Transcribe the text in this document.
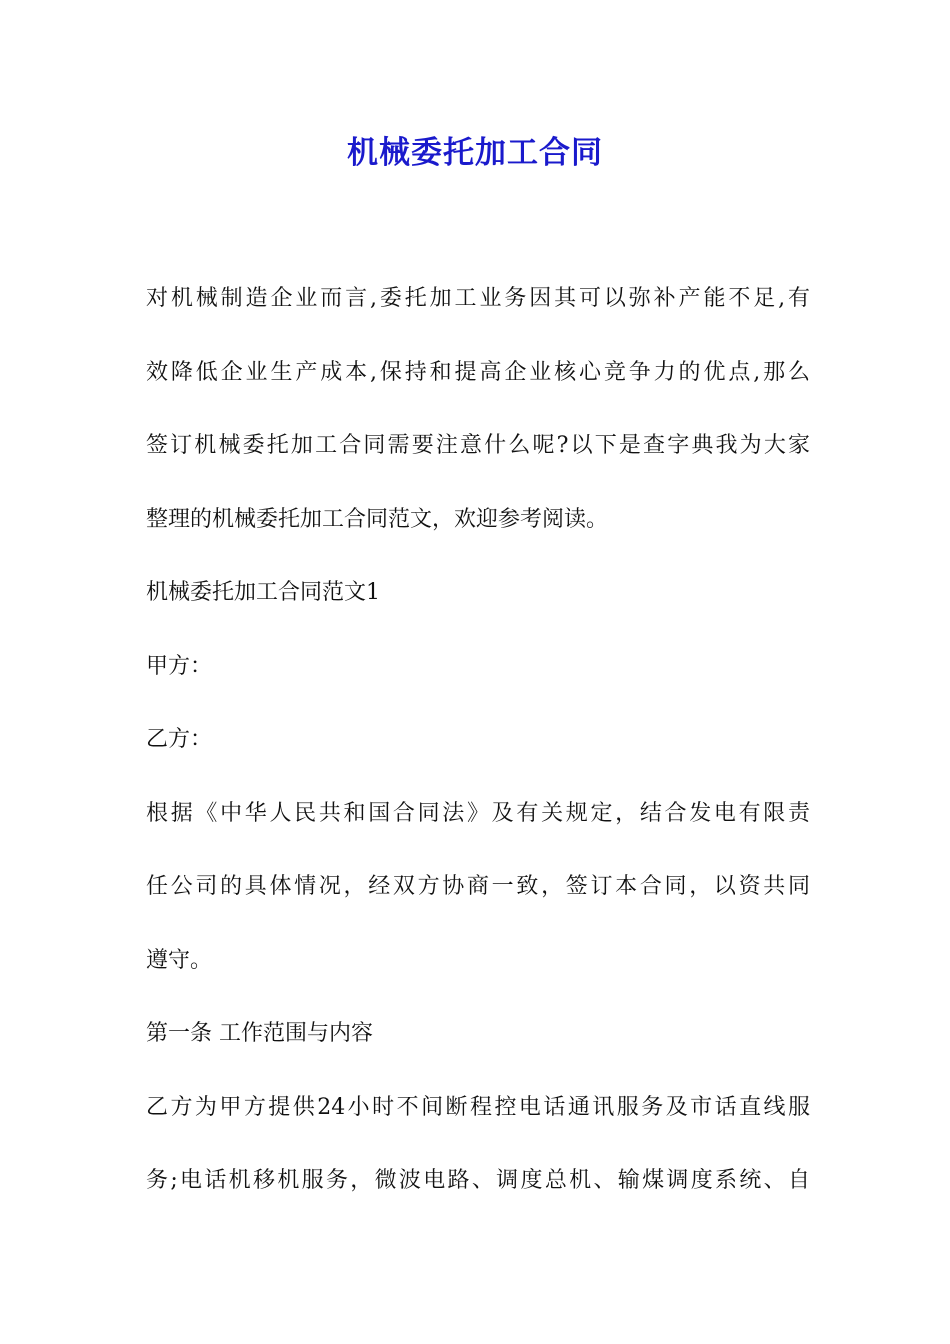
机械委托加工合同
对机械制造企业而言,委托加工业务因其可以弥补产能不足,有
效降低企业生产成本,保持和提高企业核心竞争力的优点,那么
签订机械委托加工合同需要注意什么呢?以下是查字典我为大家
整理的机械委托加工合同范文，欢迎参考阅读。
机械委托加工合同范文1
甲方：
乙方：
根据《中华人民共和国合同法》及有关规定，结合发电有限责
任公司的具体情况，经双方协商一致，签订本合同，以资共同
遵守。
第一条 工作范围与内容
乙方为甲方提供24小时不间断程控电话通讯服务及市话直线服
务;电话机移机服务，微波电路、调度总机、输煤调度系统、自
